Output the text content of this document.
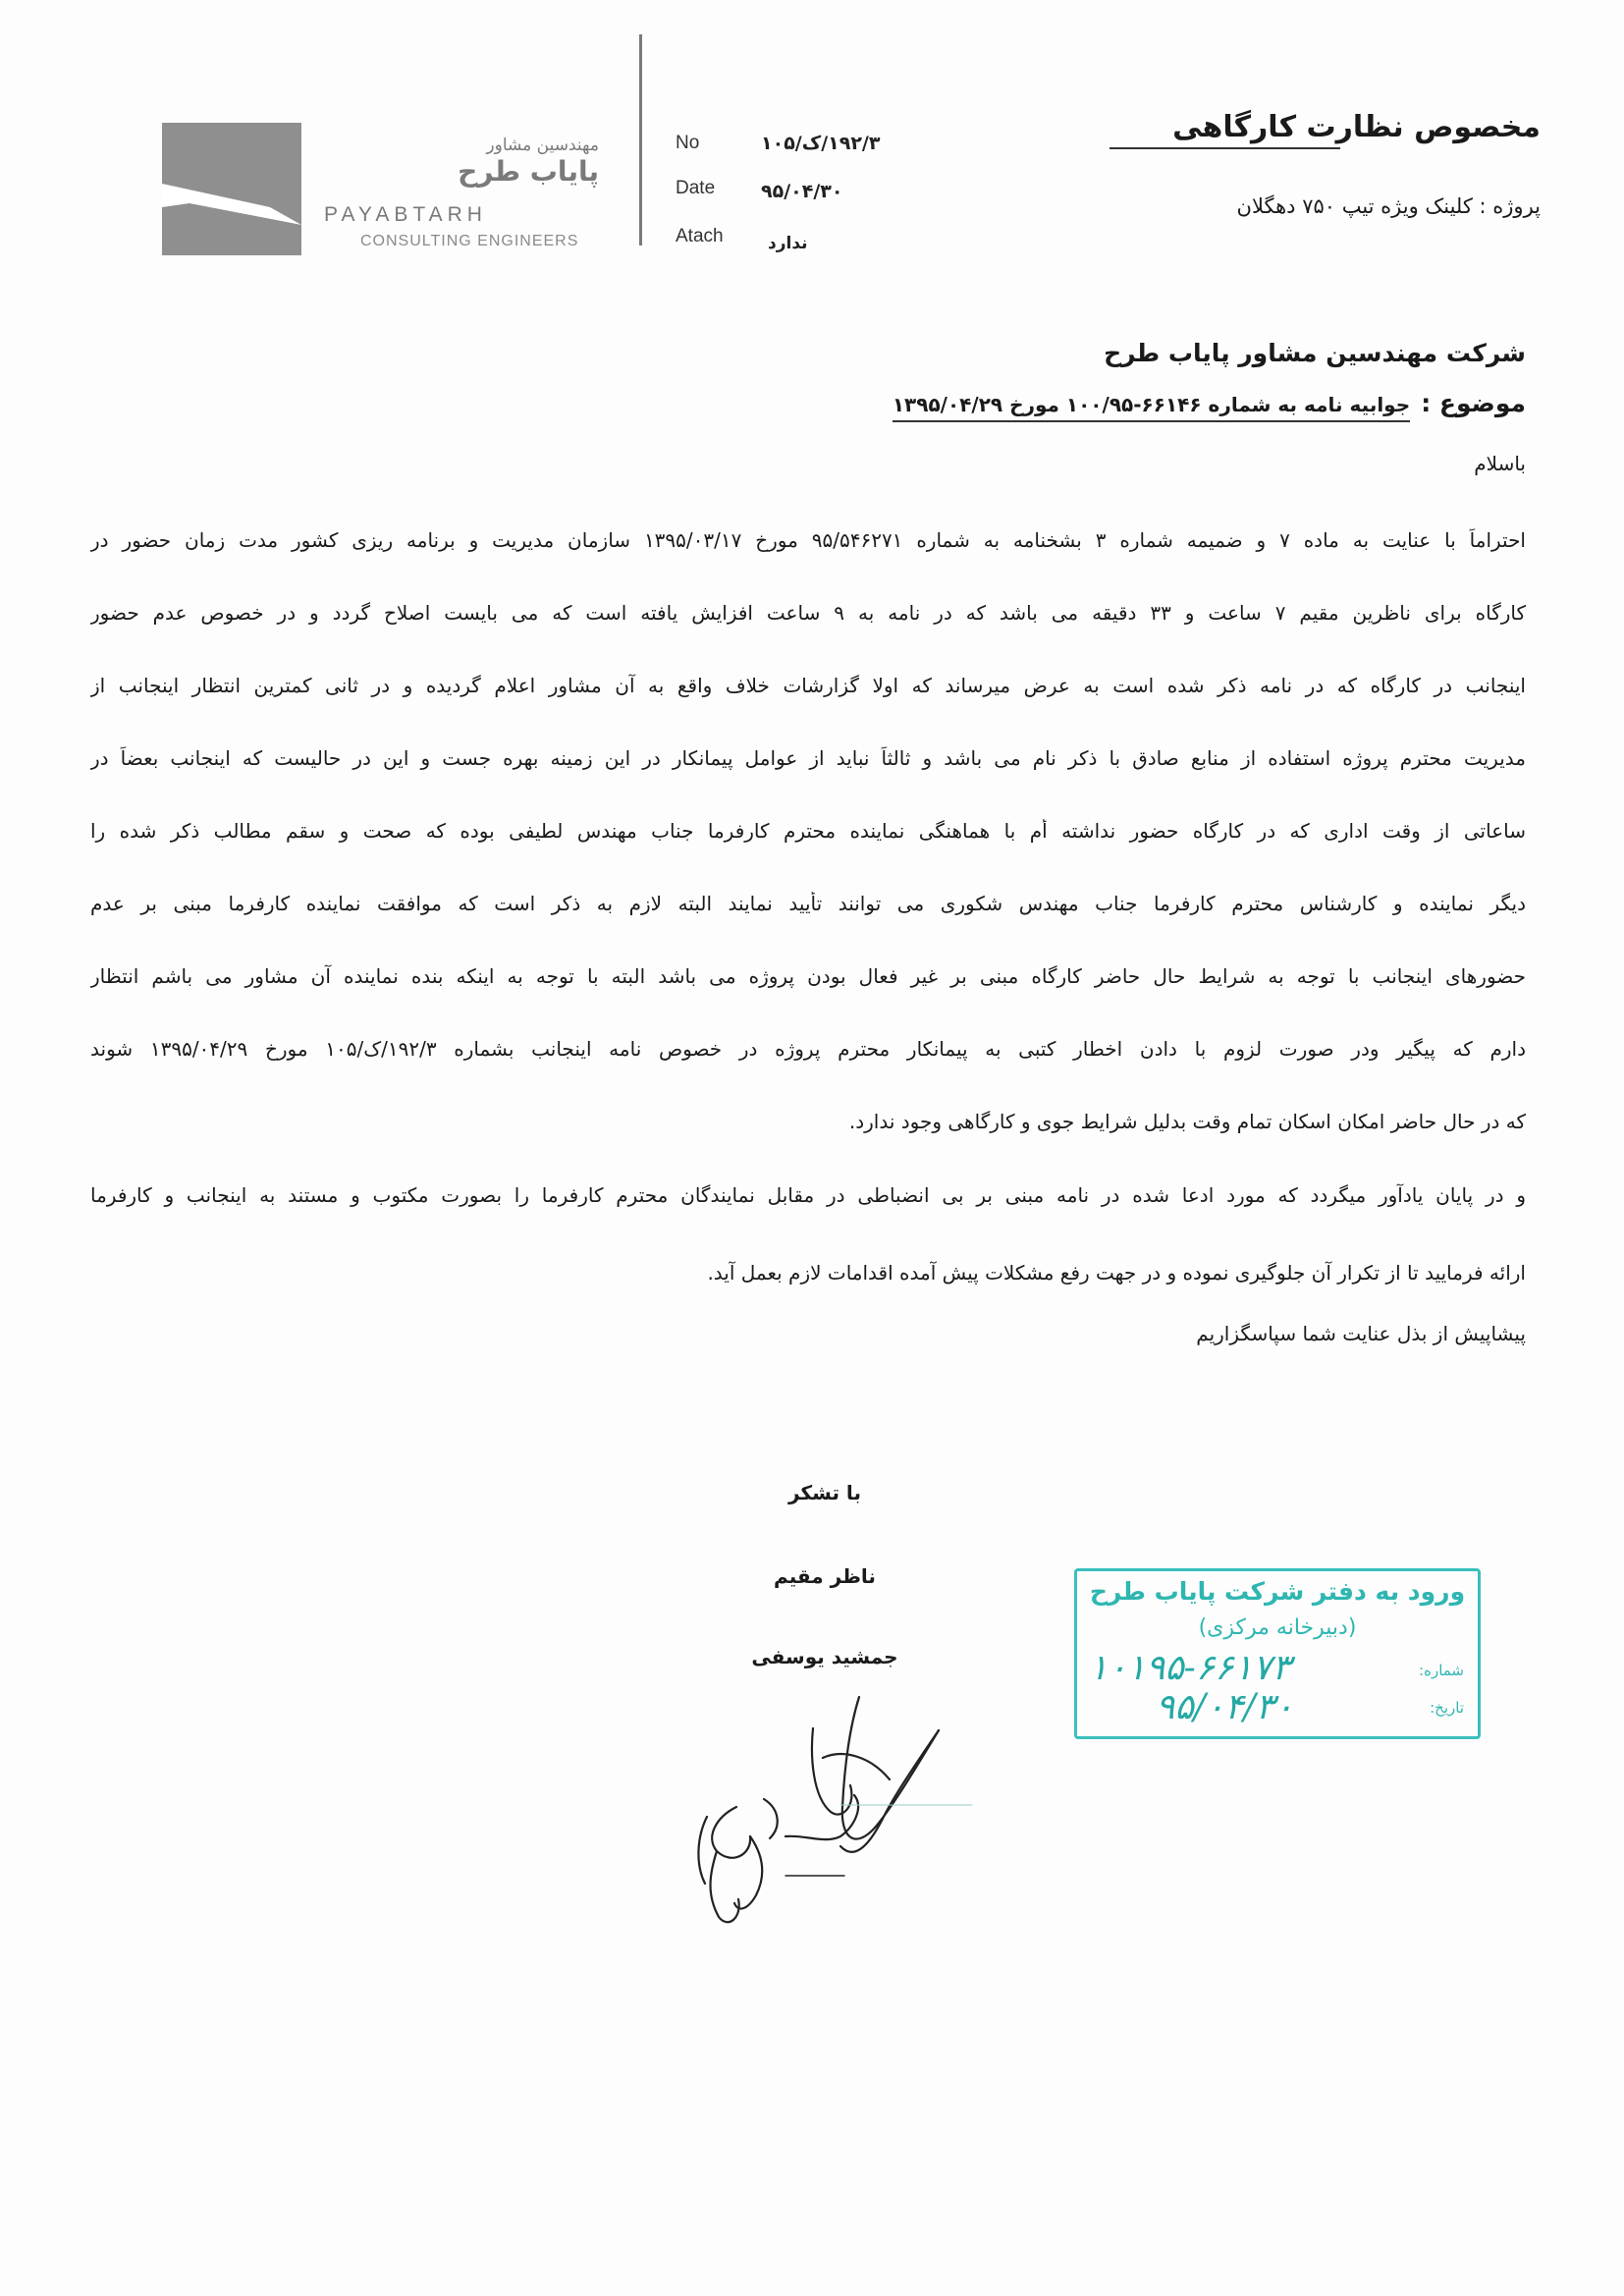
مهندسین مشاور
پایاب طرح
PAYABTARH
CONSULTING ENGINEERS
No	۱۹۲/۳/ک/۱۰۵
Date ۹۵/۰۴/۳۰
Atach	ندارد
مخصوص نظارت کارگاهی
پروژه : کلینک ویژه تیپ ۷۵۰ دهگلان
شرکت مهندسین مشاور پایاب طرح
موضوع : جوابیه نامه به شماره ۶۶۱۴۶-۱۰۰/۹۵ مورخ ۱۳۹۵/۰۴/۲۹
باسلام
احتراماً با عنایت به ماده ۷ و ضمیمه شماره ۳ بشخنامه به شماره ۹۵/۵۴۶۲۷۱ مورخ ۱۳۹۵/۰۳/۱۷ سازمان مدیریت و برنامه ریزی کشور مدت زمان حضور در
کارگاه برای ناظرین مقیم ۷ ساعت و ۳۳ دقیقه می باشد که در نامه به ۹ ساعت افزایش یافته است که می بایست اصلاح گردد و در خصوص عدم حضور
اینجانب در کارگاه که در نامه ذکر شده است به عرض میرساند که اولا گزارشات خلاف واقع به آن مشاور اعلام گردیده و در ثانی کمترین انتظار اینجانب از
مدیریت محترم پروژه استفاده از منابع صادق با ذکر نام می باشد و ثالثاً نباید از عوامل پیمانکار در این زمینه بهره جست و این در حالیست که اینجانب بعضاً در
ساعاتی از وقت اداری که در کارگاه حضور نداشته أم با هماهنگی نماینده محترم کارفرما جناب مهندس لطیفی بوده که صحت و سقم مطالب ذکر شده را
دیگر نماینده و کارشناس محترم کارفرما جناب مهندس شکوری می توانند تأیید نمایند البته لازم به ذکر است که موافقت نماینده کارفرما مبنی بر عدم
حضورهای اینجانب با توجه به شرایط حال حاضر کارگاه مبنی بر غیر فعال بودن پروژه می باشد البته با توجه به اینکه بنده نماینده آن مشاور می باشم انتظار
دارم که پیگیر ودر صورت لزوم با دادن اخطار کتبی به پیمانکار محترم پروژه در خصوص نامه اینجانب بشماره ۱۹۲/۳/ک/۱۰۵ مورخ ۱۳۹۵/۰۴/۲۹ شوند
که در حال حاضر امکان اسکان تمام وقت بدلیل شرایط جوی و کارگاهی وجود ندارد.
و در پایان یادآور میگردد که مورد ادعا شده در نامه مبنی بر بی انضباطی در مقابل نمایندگان محترم کارفرما را بصورت مکتوب و مستند به اینجانب و کارفرما
ارائه فرمایید تا از تکرار آن جلوگیری نموده و در جهت رفع مشکلات پیش آمده اقدامات لازم بعمل آید.
پیشاپیش از بذل عنایت شما سپاسگزاریم
با تشکر
ناظر مقیم
جمشید یوسفی
ورود به دفتر شرکت پایاب طرح
(دبیرخانه مرکزی)
شماره:
۱۰۱۹۵-۶۶۱۷۳
تاریخ:
۹۵/۰۴/۳۰
